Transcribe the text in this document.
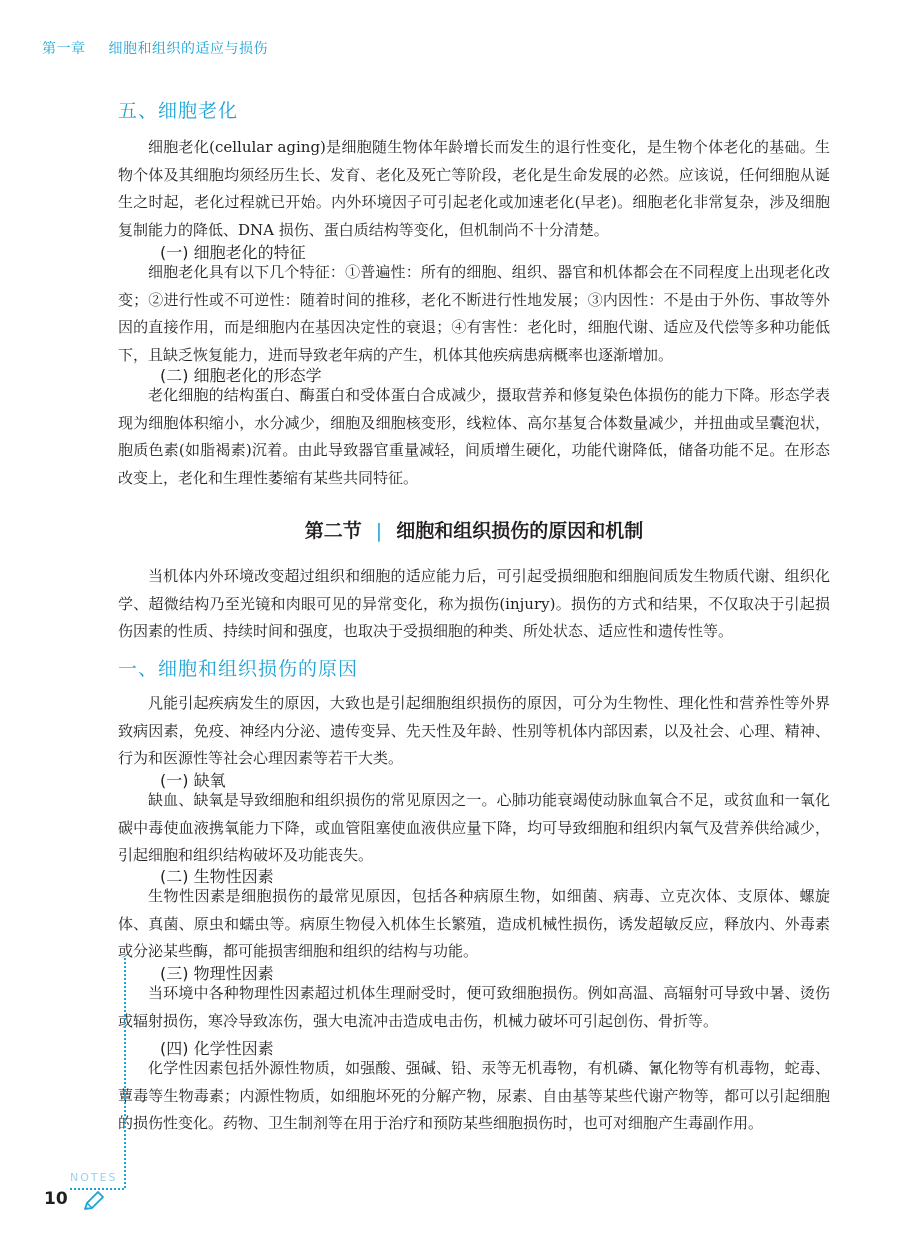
第一章 细胞和组织的适应与损伤
五、细胞老化

细胞老化(cellular aging)是细胞随生物体年龄增长而发生的退行性变化，是生物个体老化的基础。生物个体及其细胞均须经历生长、发育、老化及死亡等阶段，老化是生命发展的必然。应该说，任何细胞从诞生之时起，老化过程就已开始。内外环境因子可引起老化或加速老化(早老)。细胞老化非常复杂，涉及细胞复制能力的降低、DNA 损伤、蛋白质结构等变化，但机制尚不十分清楚。

(一) 细胞老化的特征

细胞老化具有以下几个特征：①普遍性：所有的细胞、组织、器官和机体都会在不同程度上出现老化改变；②进行性或不可逆性：随着时间的推移，老化不断进行性地发展；③内因性：不是由于外伤、事故等外因的直接作用，而是细胞内在基因决定性的衰退；④有害性：老化时，细胞代谢、适应及代偿等多种功能低下，且缺乏恢复能力，进而导致老年病的产生，机体其他疾病患病概率也逐渐增加。

(二) 细胞老化的形态学

老化细胞的结构蛋白、酶蛋白和受体蛋白合成减少，摄取营养和修复染色体损伤的能力下降。形态学表现为细胞体积缩小，水分减少，细胞及细胞核变形，线粒体、高尔基复合体数量减少，并扭曲或呈囊泡状，胞质色素(如脂褐素)沉着。由此导致器官重量减轻，间质增生硬化，功能代谢降低，储备功能不足。在形态改变上，老化和生理性萎缩有某些共同特征。

第二节 | 细胞和组织损伤的原因和机制

当机体内外环境改变超过组织和细胞的适应能力后，可引起受损细胞和细胞间质发生物质代谢、组织化学、超微结构乃至光镜和肉眼可见的异常变化，称为损伤(injury)。损伤的方式和结果，不仅取决于引起损伤因素的性质、持续时间和强度，也取决于受损细胞的种类、所处状态、适应性和遗传性等。

一、细胞和组织损伤的原因

凡能引起疾病发生的原因，大致也是引起细胞组织损伤的原因，可分为生物性、理化性和营养性等外界致病因素，免疫、神经内分泌、遗传变异、先天性及年龄、性别等机体内部因素，以及社会、心理、精神、行为和医源性等社会心理因素等若干大类。

(一) 缺氧

缺血、缺氧是导致细胞和组织损伤的常见原因之一。心肺功能衰竭使动脉血氧合不足，或贫血和一氧化碳中毒使血液携氧能力下降，或血管阻塞使血液供应量下降，均可导致细胞和组织内氧气及营养供给减少，引起细胞和组织结构破坏及功能丧失。

(二) 生物性因素

生物性因素是细胞损伤的最常见原因，包括各种病原生物，如细菌、病毒、立克次体、支原体、螺旋体、真菌、原虫和蠕虫等。病原生物侵入机体生长繁殖，造成机械性损伤，诱发超敏反应，释放内、外毒素或分泌某些酶，都可能损害细胞和组织的结构与功能。

(三) 物理性因素

当环境中各种物理性因素超过机体生理耐受时，便可致细胞损伤。例如高温、高辐射可导致中暑、烫伤或辐射损伤，寒冷导致冻伤，强大电流冲击造成电击伤，机械力破坏可引起创伤、骨折等。

(四) 化学性因素

化学性因素包括外源性物质，如强酸、强碱、铅、汞等无机毒物，有机磷、氰化物等有机毒物，蛇毒、蕈毒等生物毒素；内源性物质，如细胞坏死的分解产物，尿素、自由基等某些代谢产物等，都可以引起细胞的损伤性变化。药物、卫生制剂等在用于治疗和预防某些细胞损伤时，也可对细胞产生毒副作用。

NOTES
10
